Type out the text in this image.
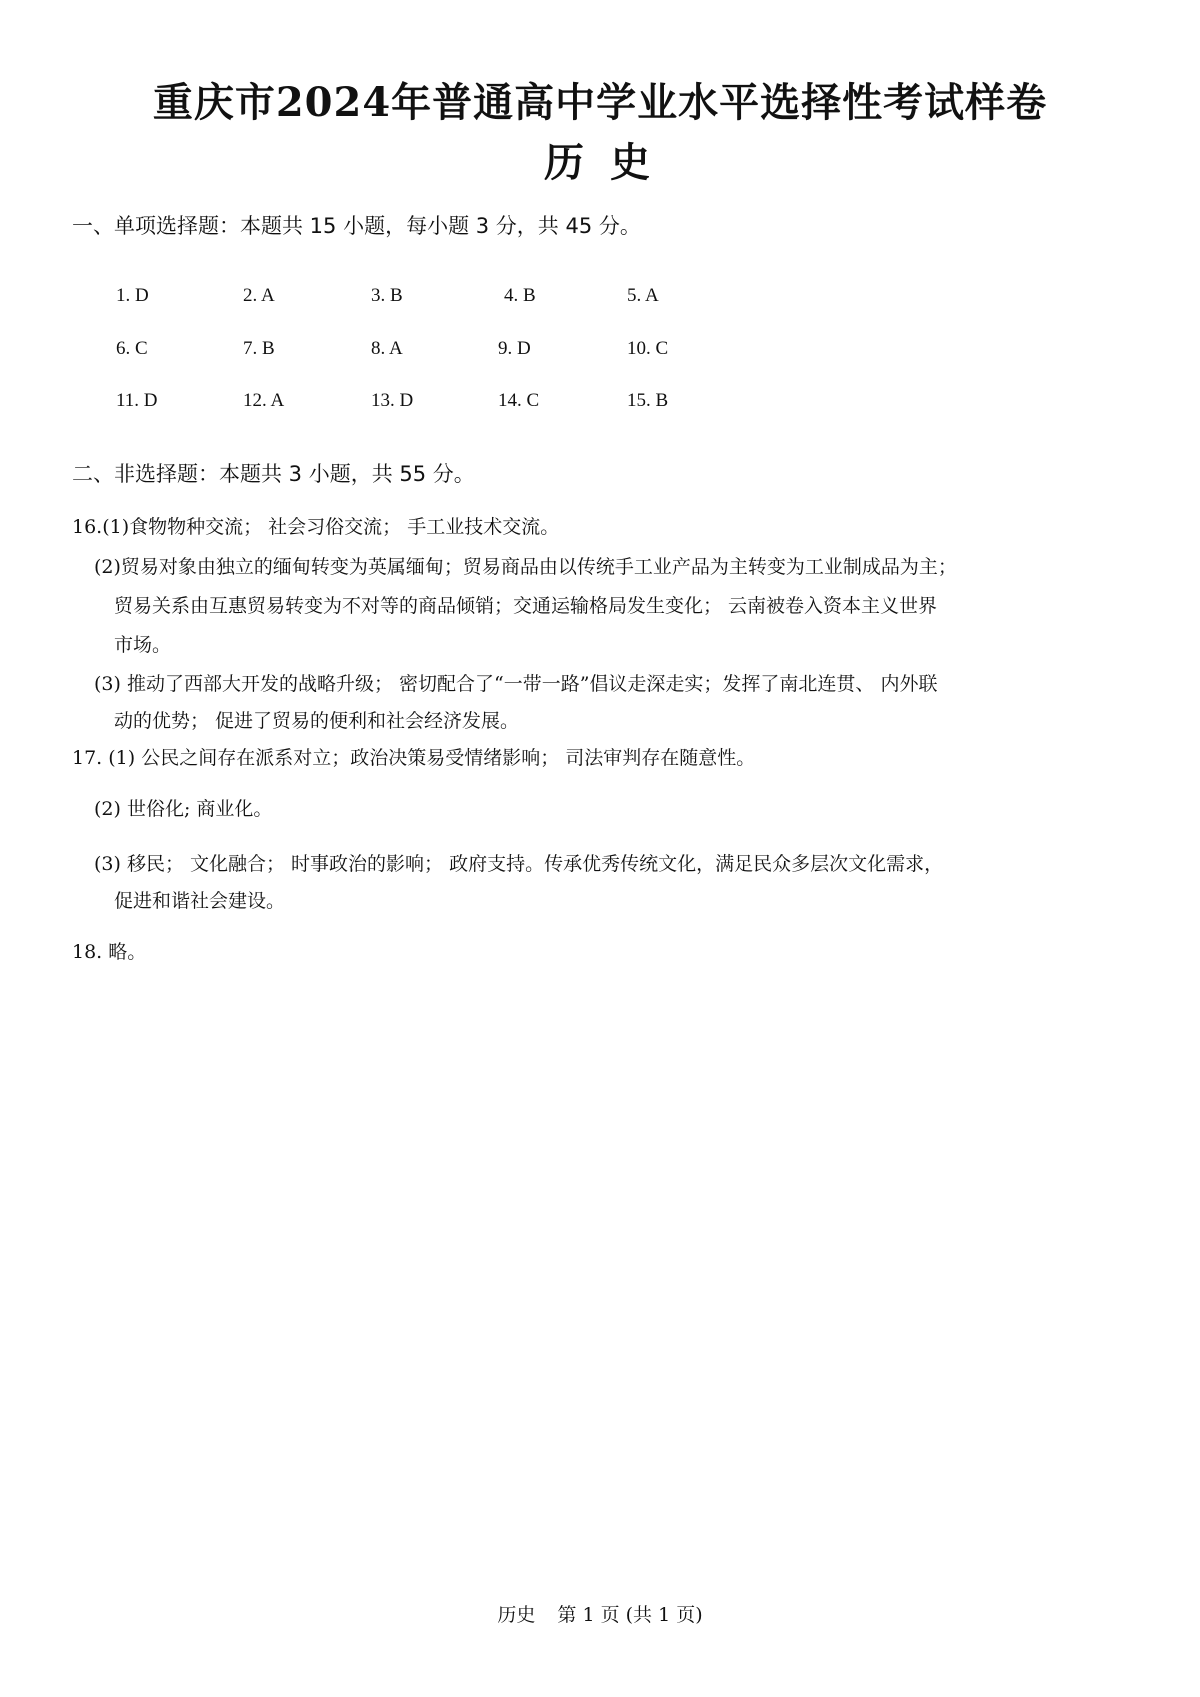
重庆市2024年普通高中学业水平选择性考试样卷
历 史
一、单项选择题：本题共 15 小题，每小题 3 分，共 45 分。
1. D	2. A	3. B	4. B	5. A
6. C	7. B	8. A	9. D	10. C
11. D	12. A	13. D	14. C	15. B
二、非选择题：本题共 3 小题，共 55 分。
16.(1)食物物种交流； 社会习俗交流； 手工业技术交流。
(2)贸易对象由独立的缅甸转变为英属缅甸；贸易商品由以传统手工业产品为主转变为工业制成品为主；
贸易关系由互惠贸易转变为不对等的商品倾销；交通运输格局发生变化； 云南被卷入资本主义世界
市场。
(3) 推动了西部大开发的战略升级； 密切配合了“一带一路”倡议走深走实；发挥了南北连贯、 内外联
动的优势； 促进了贸易的便利和社会经济发展。
17. (1) 公民之间存在派系对立；政治决策易受情绪影响； 司法审判存在随意性。
(2) 世俗化; 商业化。
(3) 移民； 文化融合； 时事政治的影响； 政府支持。传承优秀传统文化，满足民众多层次文化需求，
促进和谐社会建设。
18. 略。
历史 第 1 页 (共 1 页)
